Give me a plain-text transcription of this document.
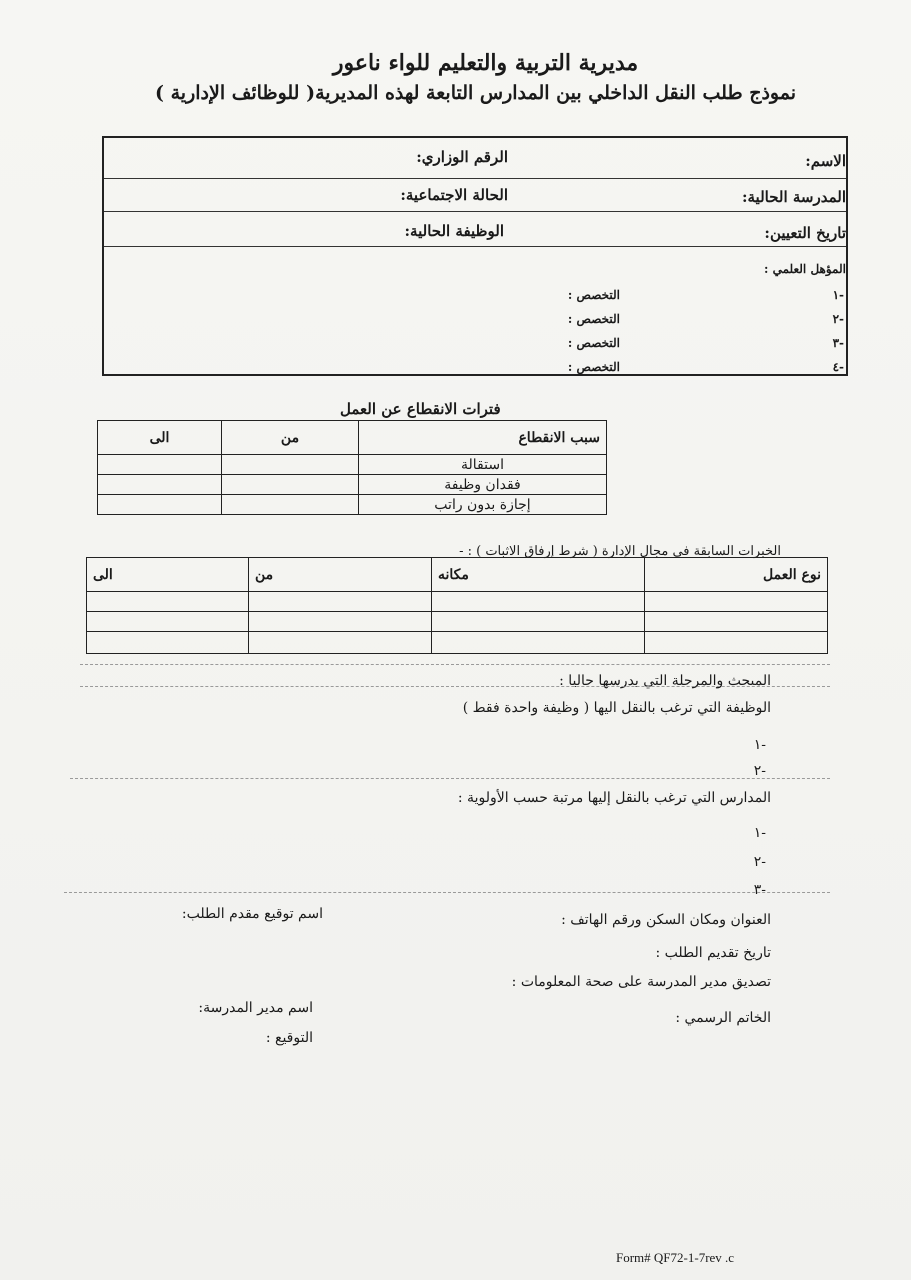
مديرية التربية والتعليم للواء ناعور
نموذج طلب النقل الداخلي بين المدارس التابعة لهذه المديرية( للوظائف الإدارية )
الاسم:
الرقم الوزاري:
المدرسة الحالية:
الحالة الاجتماعية:
تاريخ التعيين:
الوظيفة الحالية:
المؤهل العلمي :
-١
التخصص :
-٢
التخصص :
-٣
التخصص :
-٤
التخصص :
فترات الانقطاع عن العمل
سبب الانقطاع	من	الى
استقالة		
فقدان وظيفة		
إجازة بدون راتب		
الخبرات السابقة في مجال الإدارة ( شرط إرفاق الاثبات ) : -
نوع العمل	مكانه	من	الى

المبحث والمرحلة التي يدرسها حاليا :
الوظيفة التي ترغب بالنقل اليها ( وظيفة واحدة فقط )
-١
-٢
المدارس التي ترغب بالنقل إليها مرتبة حسب الأولوية :
-١
-٢
-٣
العنوان ومكان السكن ورقم الهاتف :
اسم توقيع مقدم الطلب:
تاريخ تقديم الطلب :
تصديق مدير المدرسة على صحة المعلومات :
اسم مدير المدرسة:
الخاتم الرسمي :
التوقيع :
Form# QF72-1-7rev .c
